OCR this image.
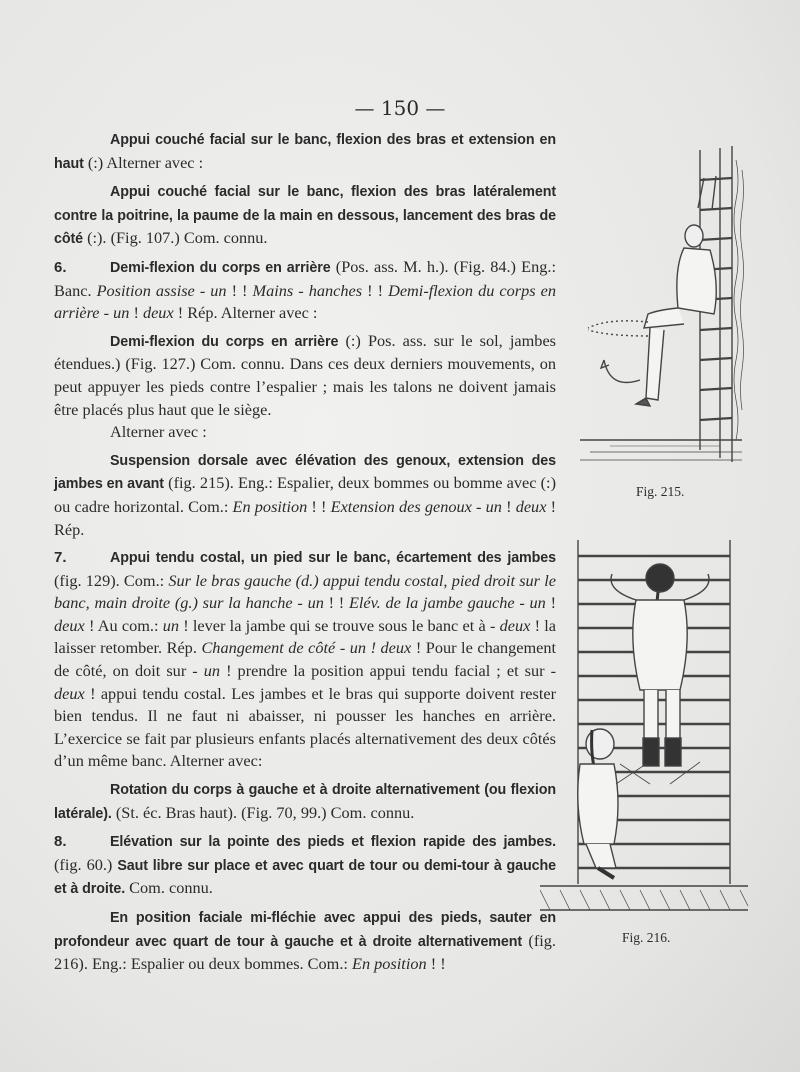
— 150 —

Appui couché facial sur le banc, flexion des bras et extension en haut (:) Alterner avec :

Appui couché facial sur le banc, flexion des bras latéralement contre la poitrine, la paume de la main en dessous, lancement des bras de côté (:). (Fig. 107.) Com. connu.

6.	Demi-flexion du corps en arrière (Pos. ass. M. h.). (Fig. 84.) Eng.: Banc. Position assise - un ! ! Mains - hanches ! ! Demi-flexion du corps en arrière - un ! deux ! Rép. Alterner avec :

Demi-flexion du corps en arrière (:) Pos. ass. sur le sol, jambes étendues.) (Fig. 127.) Com. connu. Dans ces deux derniers mouvements, on peut appuyer les pieds contre l’espalier ; mais les talons ne doivent jamais être placés plus haut que le siège.

Alterner avec :

Suspension dorsale avec élévation des genoux, extension des jambes en avant (fig. 215). Eng.: Espalier, deux bommes ou bomme avec (:) ou cadre horizontal. Com.: En position ! ! Extension des genoux - un ! deux ! Rép.

7.	Appui tendu costal, un pied sur le banc, écartement des jambes (fig. 129). Com.: Sur le bras gauche (d.) appui tendu costal, pied droit sur le banc, main droite (g.) sur la hanche - un ! ! Elév. de la jambe gauche - un ! deux ! Au com.: un ! lever la jambe qui se trouve sous le banc et à - deux ! la laisser retomber. Rép. Changement de côté - un ! deux ! Pour le changement de côté, on doit sur - un ! prendre la position appui tendu facial ; et sur - deux ! appui tendu costal. Les jambes et le bras qui supporte doivent rester bien tendus. Il ne faut ni abaisser, ni pousser les hanches en arrière. L’exercice se fait par plusieurs enfants placés alternativement des deux côtés d’un même banc. Alterner avec:

Rotation du corps à gauche et à droite alternativement (ou flexion latérale). (St. éc. Bras haut). (Fig. 70, 99.) Com. connu.

8.	Elévation sur la pointe des pieds et flexion rapide des jambes. (fig. 60.) Saut libre sur place et avec quart de tour ou demi-tour à gauche et à droite. Com. connu.

En position faciale mi-fléchie avec appui des pieds, sauter en profondeur avec quart de tour à gauche et à droite alternativement (fig. 216). Eng.: Espalier ou deux bommes. Com.: En position ! !

Fig. 215.
Fig. 216.
